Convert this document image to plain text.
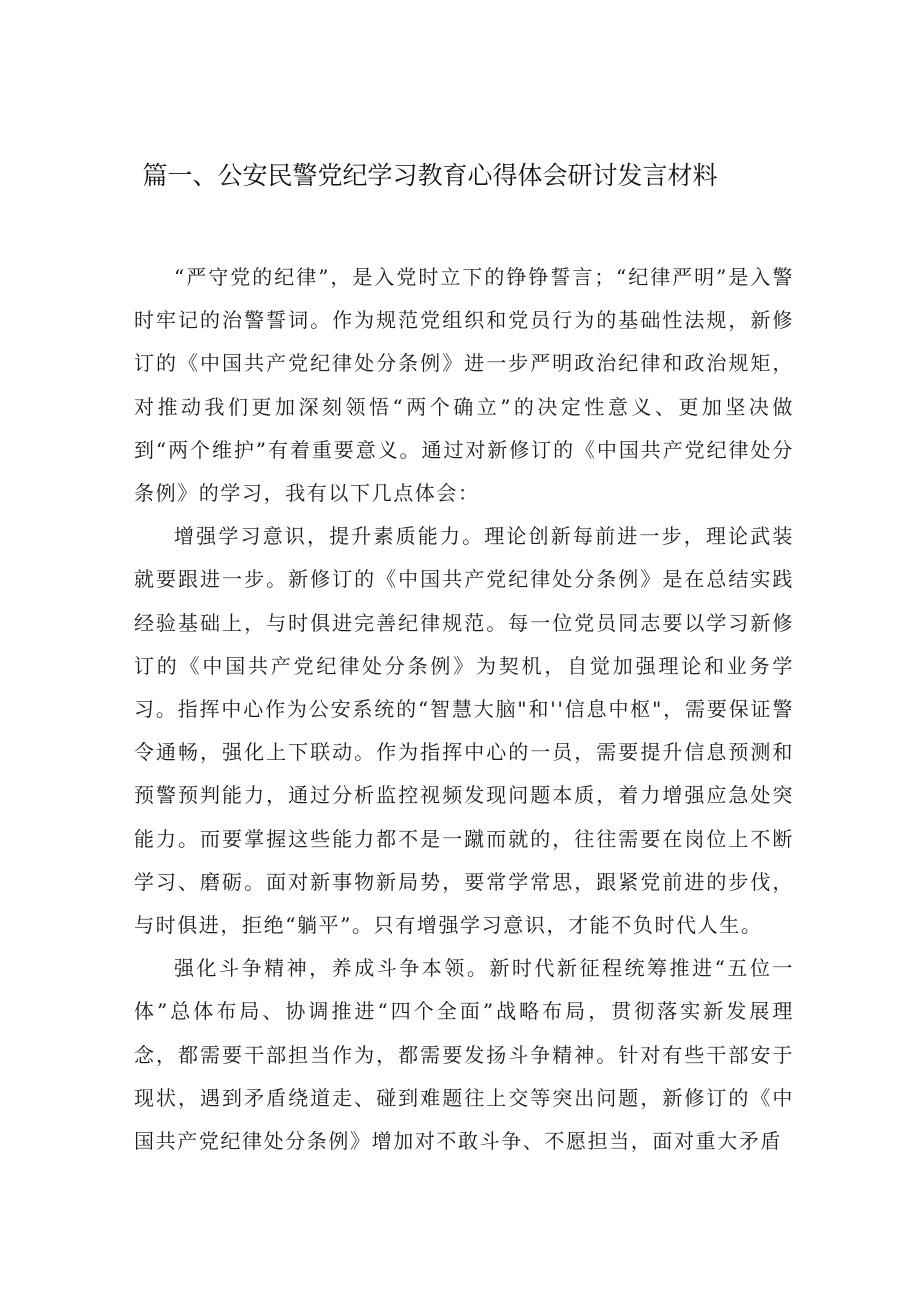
篇一、公安民警党纪学习教育心得体会研讨发言材料

“严守党的纪律”，是入党时立下的铮铮誓言；“纪律严明”是入警时牢记的治警誓词。作为规范党组织和党员行为的基础性法规，新修订的《中国共产党纪律处分条例》进一步严明政治纪律和政治规矩，对推动我们更加深刻领悟“两个确立”的决定性意义、更加坚决做到“两个维护”有着重要意义。通过对新修订的《中国共产党纪律处分条例》的学习，我有以下几点体会：

增强学习意识，提升素质能力。理论创新每前进一步，理论武装就要跟进一步。新修订的《中国共产党纪律处分条例》是在总结实践经验基础上，与时俱进完善纪律规范。每一位党员同志要以学习新修订的《中国共产党纪律处分条例》为契机，自觉加强理论和业务学习。指挥中心作为公安系统的“智慧大脑"和''信息中枢"，需要保证警令通畅，强化上下联动。作为指挥中心的一员，需要提升信息预测和预警预判能力，通过分析监控视频发现问题本质，着力增强应急处突能力。而要掌握这些能力都不是一蹴而就的，往往需要在岗位上不断学习、磨砺。面对新事物新局势，要常学常思，跟紧党前进的步伐，与时俱进，拒绝“躺平”。只有增强学习意识，才能不负时代人生。

强化斗争精神，养成斗争本领。新时代新征程统筹推进“五位一体”总体布局、协调推进“四个全面”战略布局，贯彻落实新发展理念，都需要干部担当作为，都需要发扬斗争精神。针对有些干部安于现状，遇到矛盾绕道走、碰到难题往上交等突出问题，新修订的《中国共产党纪律处分条例》增加对不敢斗争、不愿担当，面对重大矛盾
